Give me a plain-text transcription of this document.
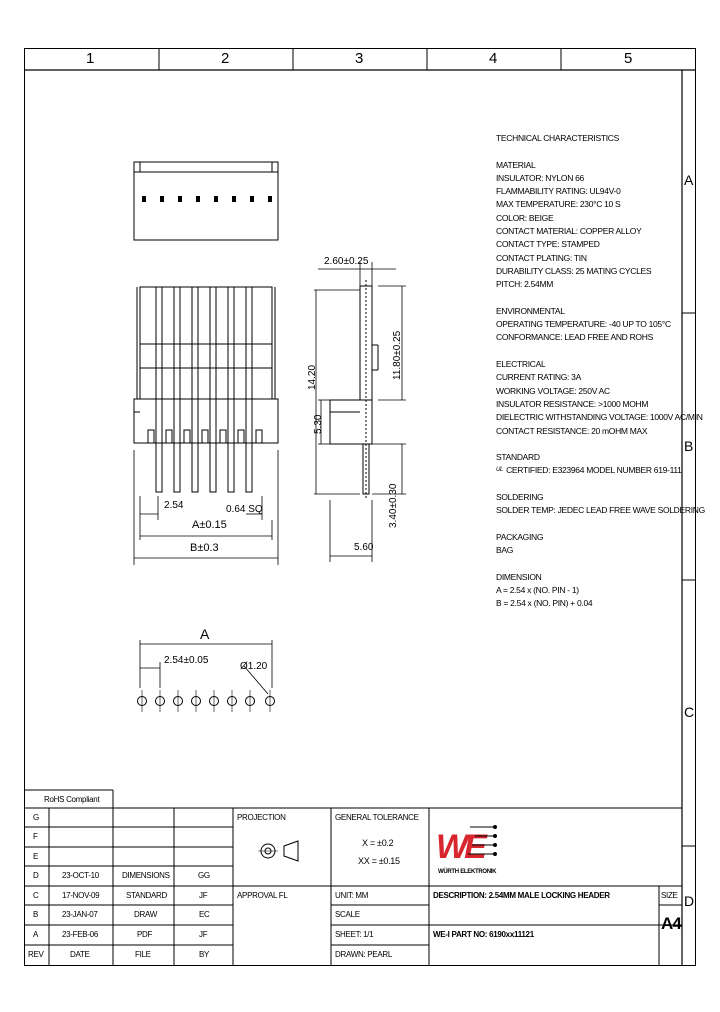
WE
1	2	3	4	5
A
B
C
D
TECHNICAL CHARACTERISTICS
MATERIAL
INSULATOR: NYLON 66
FLAMMABILITY RATING: UL94V-0
MAX TEMPERATURE: 230°C 10 S
COLOR: BEIGE
CONTACT MATERIAL: COPPER ALLOY
CONTACT TYPE: STAMPED
CONTACT PLATING: TIN
DURABILITY CLASS: 25 MATING CYCLES
PITCH: 2.54MM
ENVIRONMENTAL
OPERATING TEMPERATURE: -40 UP TO 105°C
CONFORMANCE: LEAD FREE AND ROHS
ELECTRICAL
CURRENT RATING: 3A
WORKING VOLTAGE: 250V AC
INSULATOR RESISTANCE: >1000 MOHM
DIELECTRIC WITHSTANDING VOLTAGE: 1000V AC/MIN
CONTACT RESISTANCE: 20 mOHM MAX
STANDARD
$^{UL}$ CERTIFIED: E323964 MODEL NUMBER 619-111
SOLDERING
SOLDER TEMP: JEDEC LEAD FREE WAVE SOLDERING
PACKAGING
BAG
DIMENSION
A = 2.54 x (NO. PIN - 1)
B = 2.54 x (NO. PIN) + 0.04
2.54	0.64 SQ
A±0.15
B±0.3
2.60±0.25
14.20	11.80±0.25
5.30
3.40±0.30
5.60
A
2.54±0.05
Ø1.20
RoHS Compliant
G
F
E
D	23-OCT-10	DIMENSIONS	GG
C	17-NOV-09	STANDARD	JF
B	23-JAN-07	DRAW	EC
A	23-FEB-06	PDF	JF
REV	DATE	FILE	BY
PROJECTION
APPROVAL FL
GENERAL TOLERANCE
X = ±0.2
XX = ±0.15
UNIT: MM
SCALE
SHEET: 1/1
DRAWN: PEARL
WÜRTH ELEKTRONIK
DESCRIPTION: 2.54MM MALE LOCKING HEADER
WE-I PART NO: 6190xx11121
SIZE
A4
